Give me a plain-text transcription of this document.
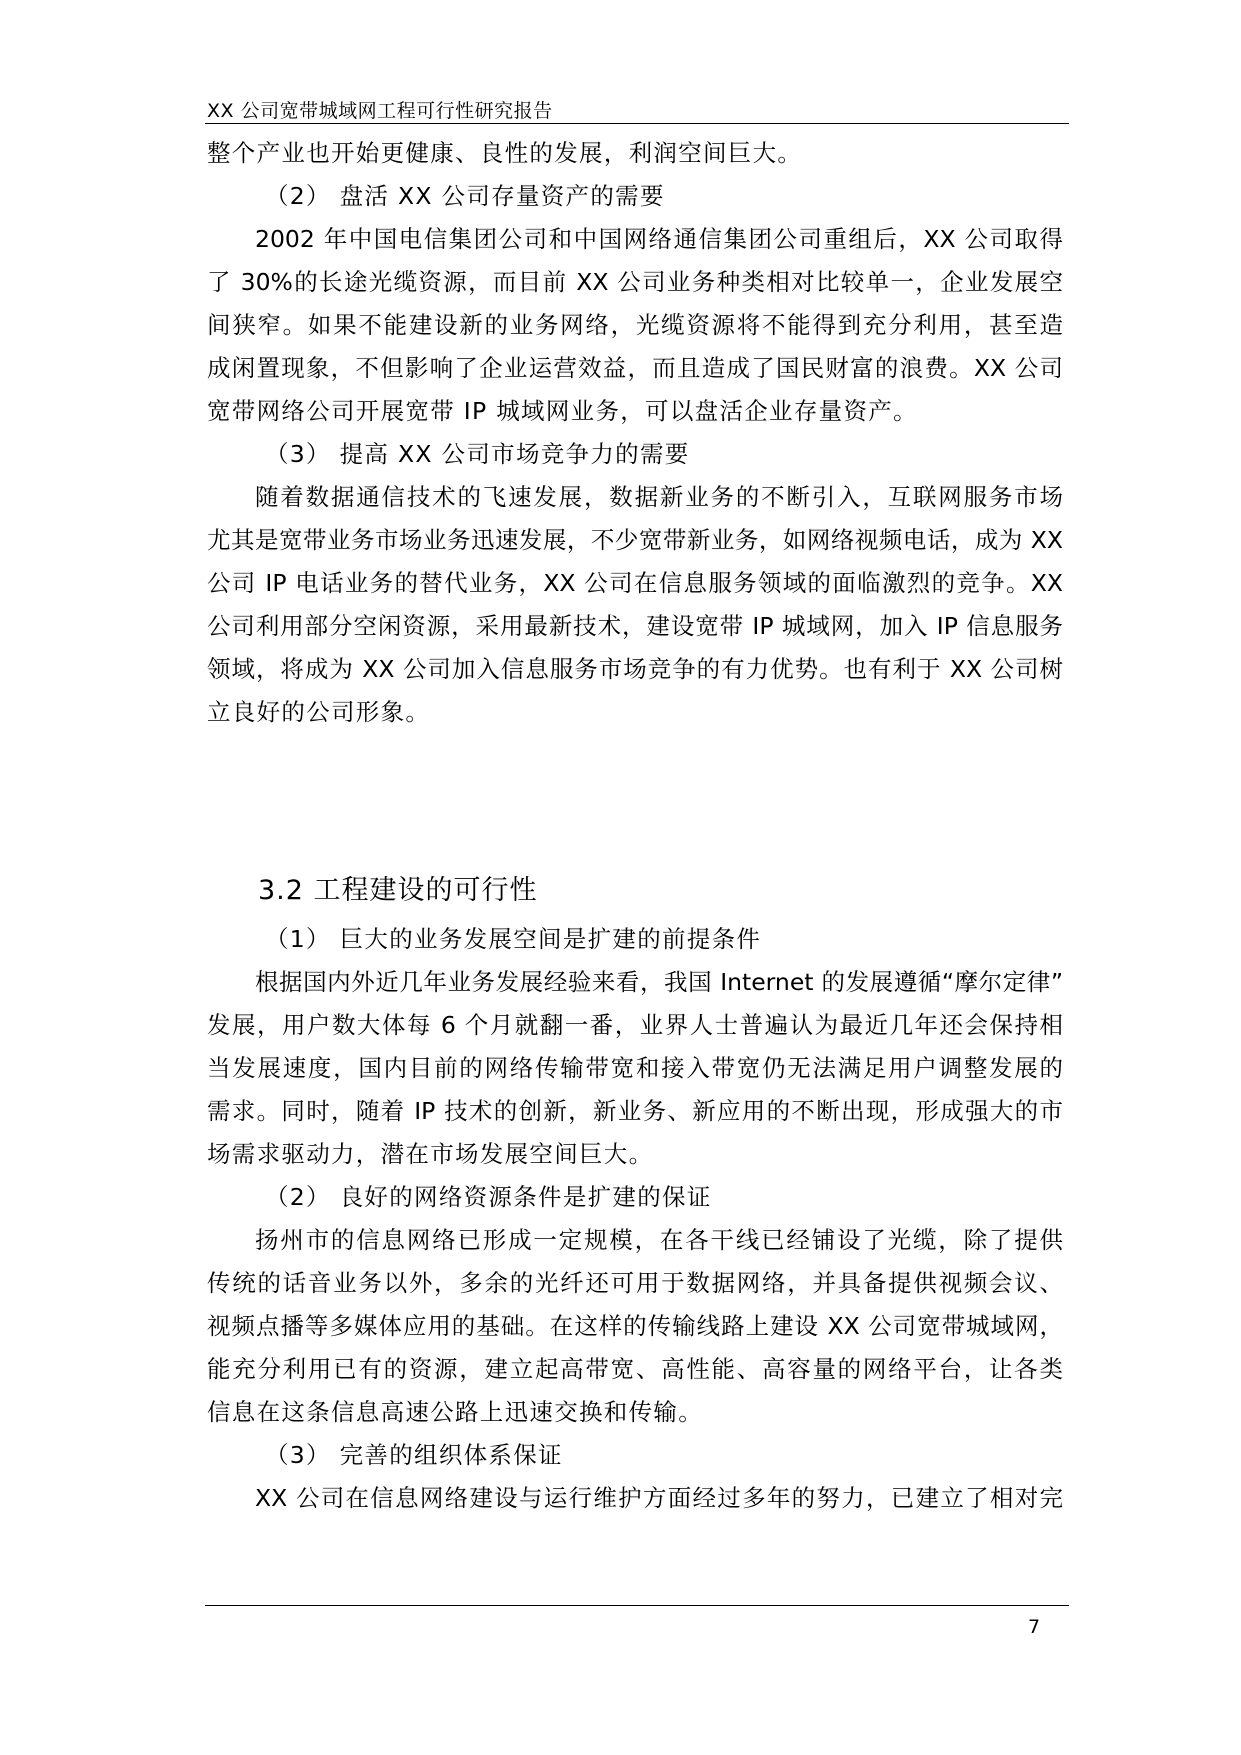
XX 公司宽带城域网工程可行性研究报告
整个产业也开始更健康、良性的发展，利润空间巨大。
（2） 盘活 XX 公司存量资产的需要
2002 年中国电信集团公司和中国网络通信集团公司重组后，XX 公司取得
了 30%的长途光缆资源，而目前 XX 公司业务种类相对比较单一，企业发展空
间狭窄。如果不能建设新的业务网络，光缆资源将不能得到充分利用，甚至造
成闲置现象，不但影响了企业运营效益，而且造成了国民财富的浪费。XX 公司
宽带网络公司开展宽带 IP 城域网业务，可以盘活企业存量资产。
（3） 提高 XX 公司市场竞争力的需要
随着数据通信技术的飞速发展，数据新业务的不断引入，互联网服务市场
尤其是宽带业务市场业务迅速发展，不少宽带新业务，如网络视频电话，成为 XX
公司 IP 电话业务的替代业务，XX 公司在信息服务领域的面临激烈的竞争。XX
公司利用部分空闲资源，采用最新技术，建设宽带 IP 城域网，加入 IP 信息服务
领域，将成为 XX 公司加入信息服务市场竞争的有力优势。也有利于 XX 公司树
立良好的公司形象。
3.2 工程建设的可行性
（1） 巨大的业务发展空间是扩建的前提条件
根据国内外近几年业务发展经验来看，我国 Internet 的发展遵循“摩尔定律”
发展，用户数大体每 6 个月就翻一番，业界人士普遍认为最近几年还会保持相
当发展速度，国内目前的网络传输带宽和接入带宽仍无法满足用户调整发展的
需求。同时，随着 IP 技术的创新，新业务、新应用的不断出现，形成强大的市
场需求驱动力，潜在市场发展空间巨大。
（2） 良好的网络资源条件是扩建的保证
扬州市的信息网络已形成一定规模，在各干线已经铺设了光缆，除了提供
传统的话音业务以外，多余的光纤还可用于数据网络，并具备提供视频会议、
视频点播等多媒体应用的基础。在这样的传输线路上建设 XX 公司宽带城域网，
能充分利用已有的资源，建立起高带宽、高性能、高容量的网络平台，让各类
信息在这条信息高速公路上迅速交换和传输。
（3） 完善的组织体系保证
XX 公司在信息网络建设与运行维护方面经过多年的努力，已建立了相对完
7
